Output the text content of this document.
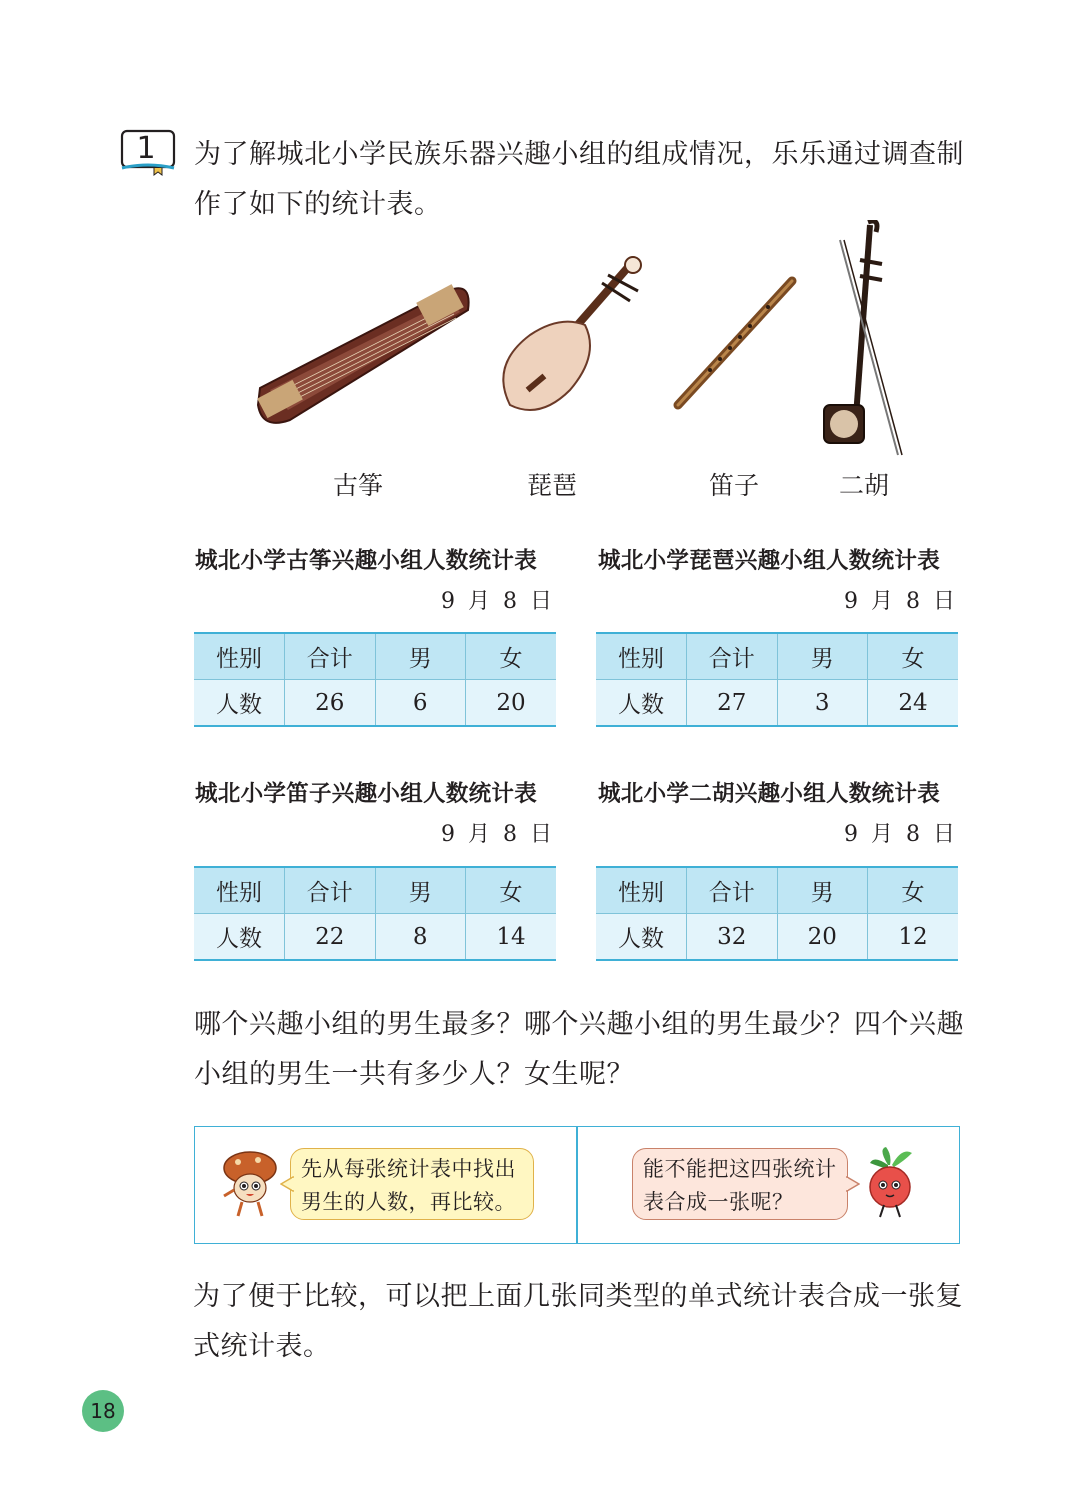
1	为了解城北小学民族乐器兴趣小组的组成情况，乐乐通过调查制
作了如下的统计表。
古筝	琵琶	笛子	二胡
城北小学古筝兴趣小组人数统计表
9 月 8 日
性别	合计	男	女
人数	26	6	20
城北小学琵琶兴趣小组人数统计表
9 月 8 日
性别	合计	男	女
人数	27	3	24
城北小学笛子兴趣小组人数统计表
9 月 8 日
性别	合计	男	女
人数	22	8	14
城北小学二胡兴趣小组人数统计表
9 月 8 日
性别	合计	男	女
人数	32	20	12
哪个兴趣小组的男生最多？哪个兴趣小组的男生最少？四个兴趣
小组的男生一共有多少人？女生呢？
先从每张统计表中找出
男生的人数，再比较。
能不能把这四张统计
表合成一张呢？
为了便于比较，可以把上面几张同类型的单式统计表合成一张复
式统计表。
18
